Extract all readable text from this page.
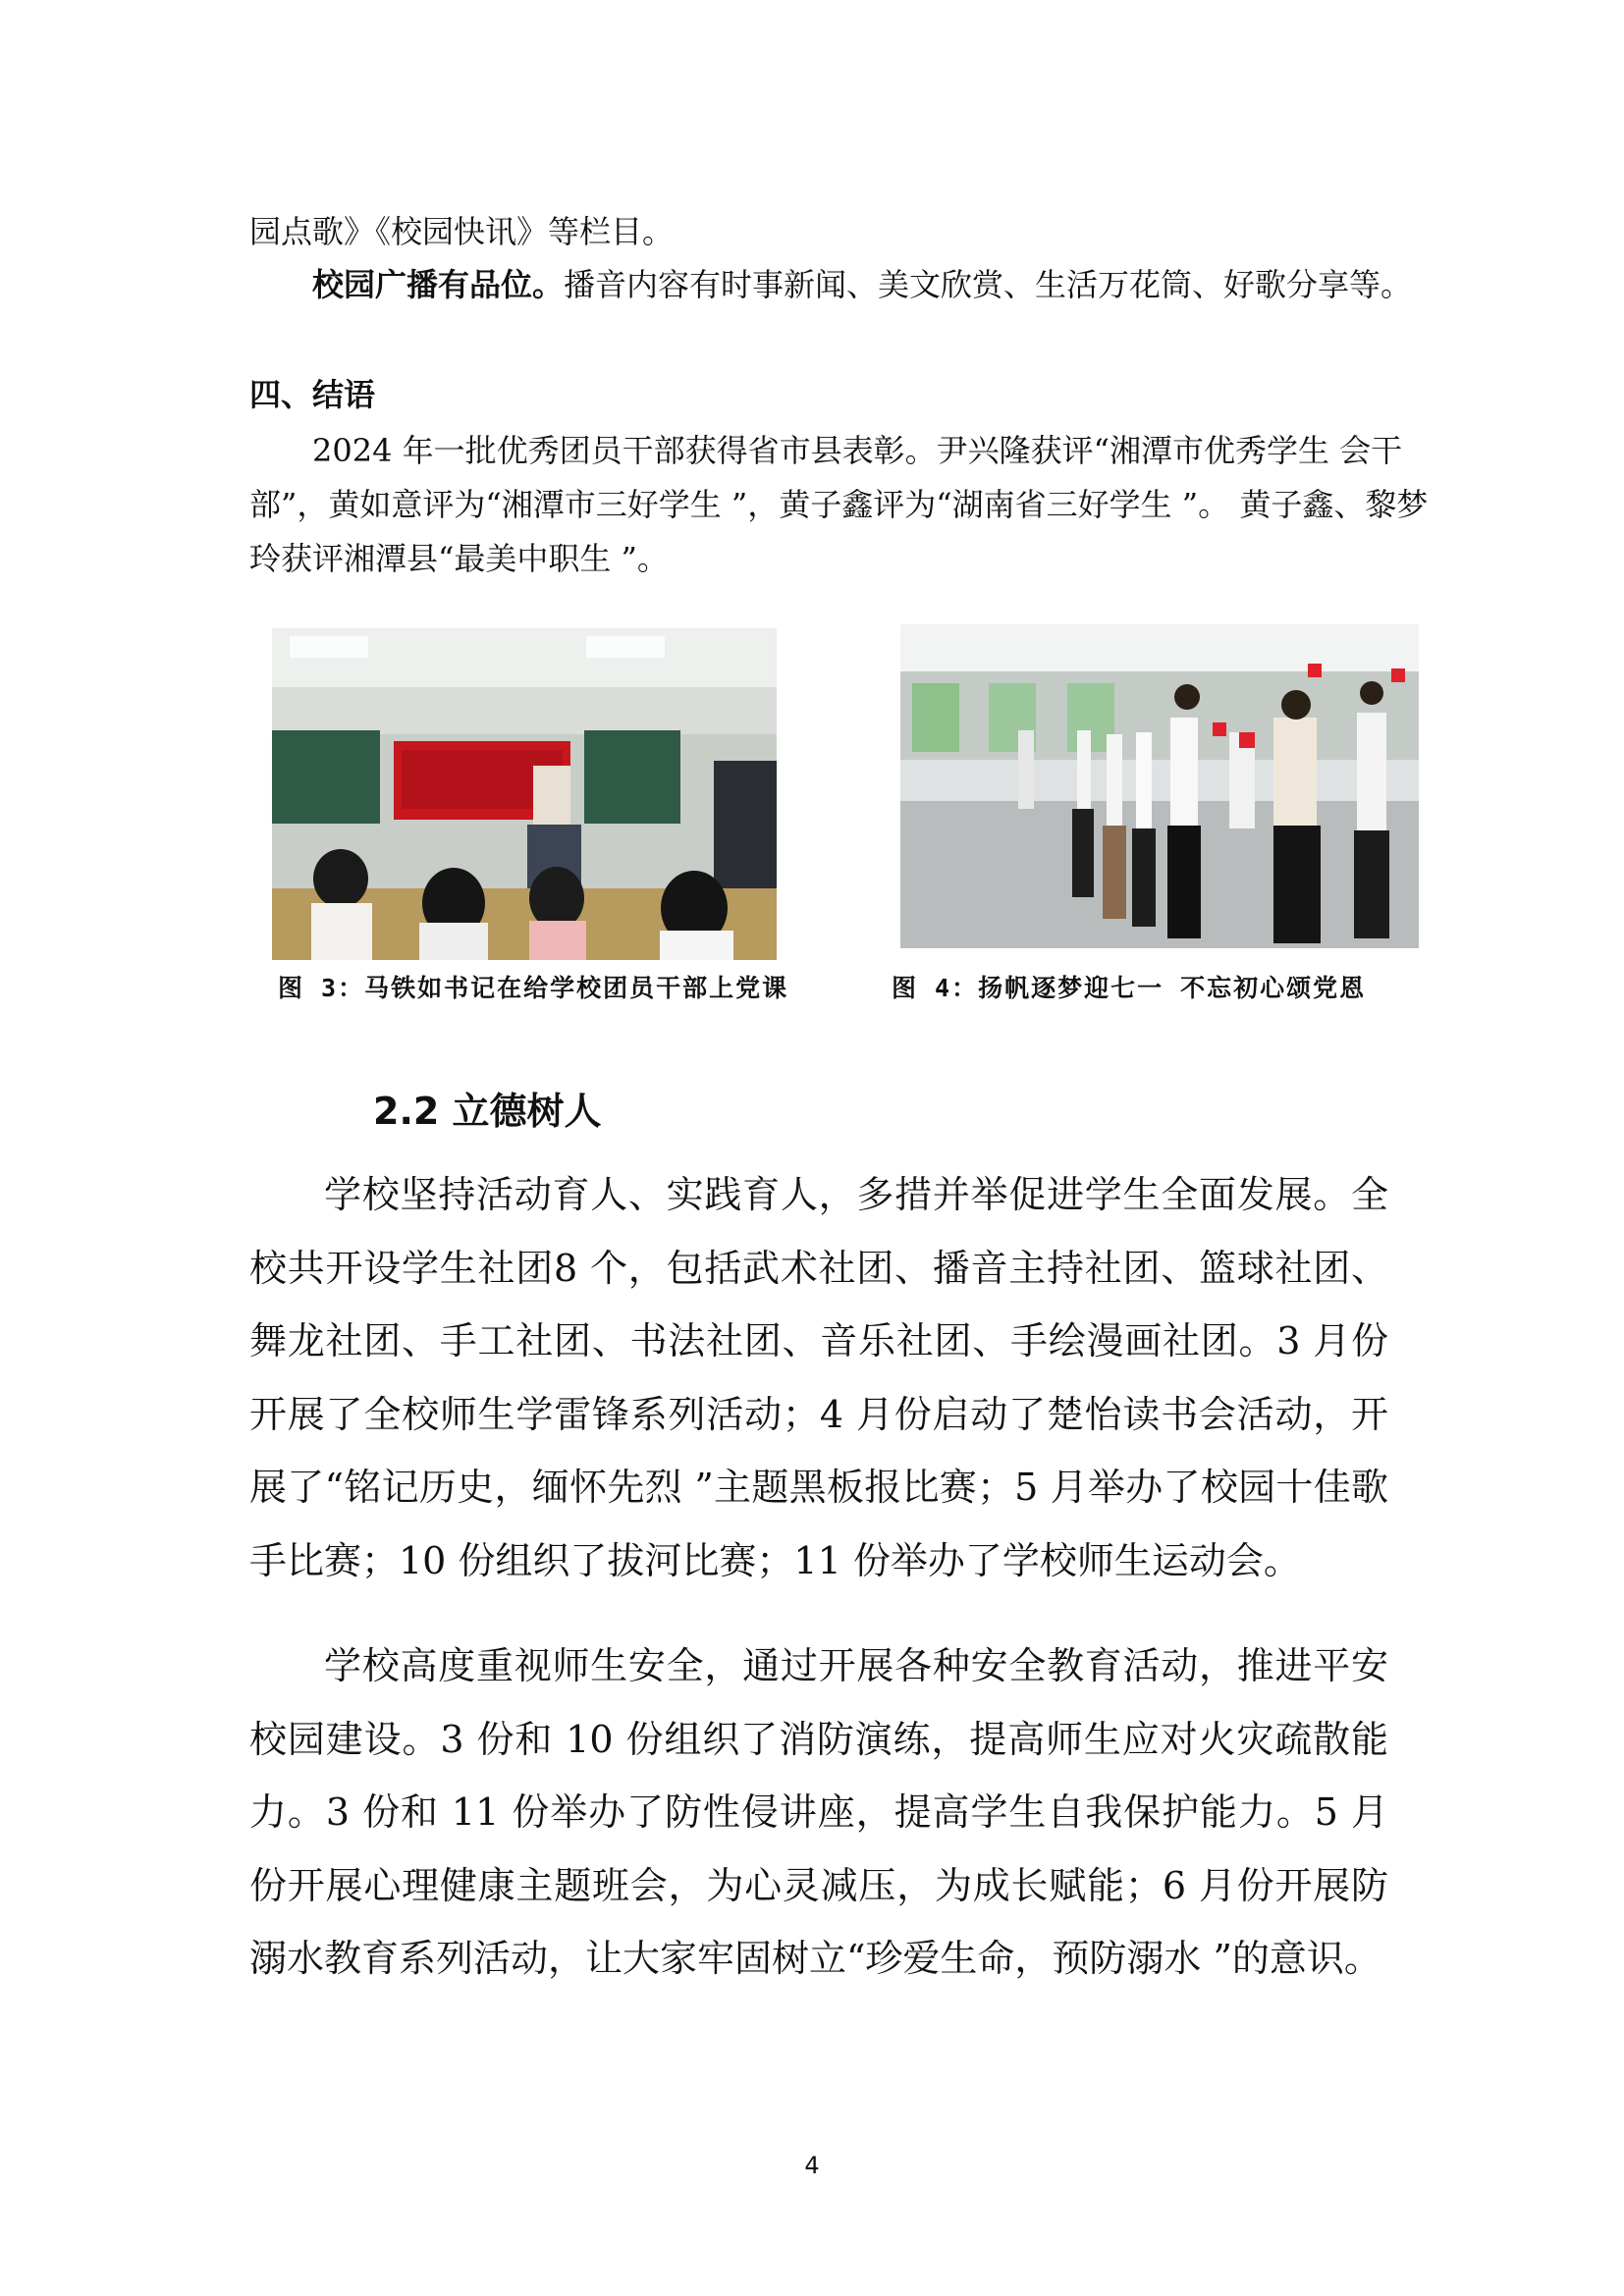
园点歌》《校园快讯》等栏目。

校园广播有品位。播音内容有时事新闻、美文欣赏、生活万花筒、好歌分享等。

四、结语

2024 年一批优秀团员干部获得省市县表彰。尹兴隆获评“湘潭市优秀学生 会干部”，黄如意评为“湘潭市三好学生 ”，黄子鑫评为“湖南省三好学生 ”。 黄子鑫、黎梦玲获评湘潭县“最美中职生 ”。

图 3：马铁如书记在给学校团员干部上党课	图 4：扬帆逐梦迎七一 不忘初心颂党恩
2.2 立德树人

学校坚持活动育人、实践育人，多措并举促进学生全面发展。全校共开设学生社团8 个，包括武术社团、播音主持社团、篮球社团、舞龙社团、手工社团、书法社团、音乐社团、手绘漫画社团。3 月份开展了全校师生学雷锋系列活动；4 月份启动了楚怡读书会活动，开展了“铭记历史，缅怀先烈 ”主题黑板报比赛；5 月举办了校园十佳歌手比赛；10 份组织了拔河比赛；11 份举办了学校师生运动会。

学校高度重视师生安全，通过开展各种安全教育活动，推进平安校园建设。3 份和 10 份组织了消防演练，提高师生应对火灾疏散能力。3 份和 11 份举办了防性侵讲座，提高学生自我保护能力。5 月份开展心理健康主题班会，为心灵减压，为成长赋能；6 月份开展防溺水教育系列活动，让大家牢固树立“珍爱生命，预防溺水 ”的意识。

4
